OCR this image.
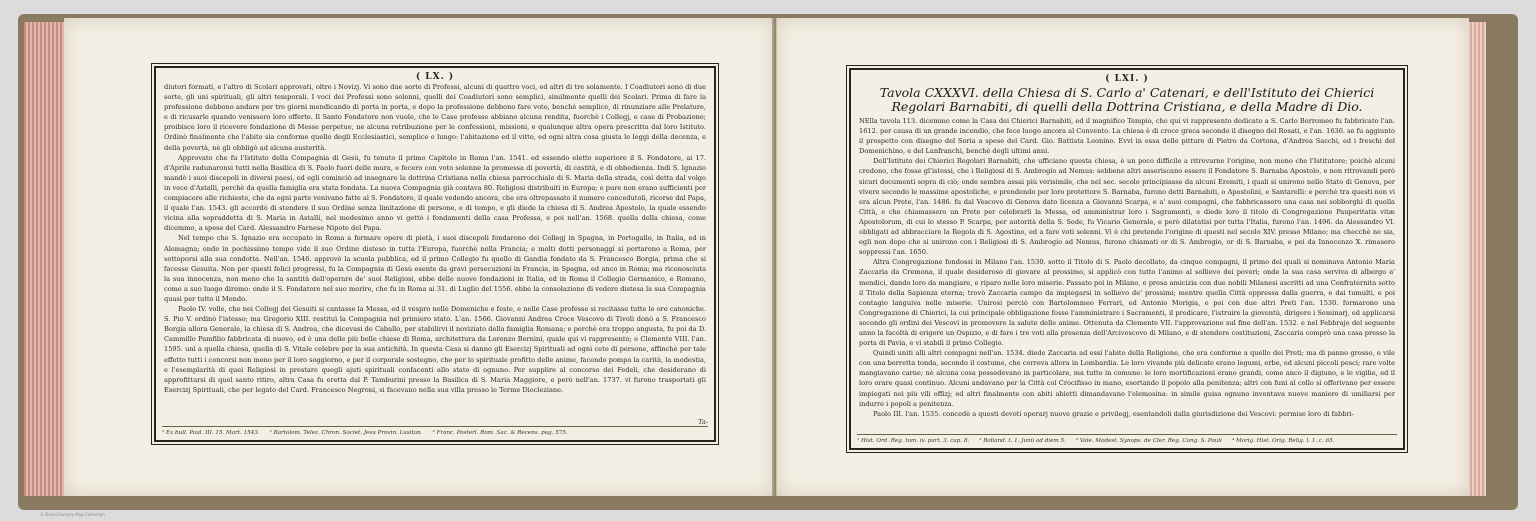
( LX. )

diutori formati, e l'altro di Scolari approvati, oltre i Novizj. Vi sono due sorte di Professi, alcuni di quattro voci, ed altri di tre solamente. I Coadiutori sono di due sorte, gli uni spirituali, gli altri temporali. I voci dei Professi sono solenni, quelli dei Coadiutori sono semplici, similmente quelli dei Scolari. Prima di fare la professione debbono andare per tre giorni mendicando di porta in porta, e dopo la professione debbono fare voto, benchè semplice, di rinunziare alle Prelature, e di ricusarle quando venissero loro offerte. Il Santo Fondatore non vuole, che le Case professe abbiano alcuna rendita, fuorchè i Collegj, e case di Probazione; proibisce loro il ricevere fondazione di Messe perpetue, ne alcuna retribuzione per le confessioni, missioni, e qualunque altra opera prescritta dal loro Istituto. Ordinò finalmente che l'abito sia conforme quello degli Ecclesiastici, semplice e lungo: l'abitazione ed il vitto, ed ogni altra cosa giusta le leggi della decenza, e della povertà, nè gli obbligò ad alcuna austerità.

Approvato che fu l'Istituto della Compagnia di Gesù, fu tenuto il primo Capitolo in Roma l'an. 1541. ed essendo eletto superiore il S. Fondatore, ai 17. d'Aprile radunaronsi tutti nella Basilica di S. Paolo fuori delle mura, e fecero con voto solenne la promessa di povertà, di castità, e di obbedienza. Indi S. Ignazio mandò i suoi discepoli in diversi paesi, ed egli cominciò ad insegnare la dottrina Cristiana nella chiesa parrocchiale di S. Maria della strada, così detta dal volgo in vece d'Astalli, perchè da quella famiglia era stata fondata. La nuova Compagnia già contava 80. Religiosi distribuiti in Europa; e pure non erano sufficienti per compiacere alle richieste, che da ogni parte venivano fatte al S. Fondatore, il quale vedendo ancora, che era oltrepassato il numero concedutoli, ricorse dal Papa, il quale l'an. 1543. gli accordò di stendere il suo Ordine senza limitazione di persone, e di tempo, e gli diede la chiesa di S. Andrea Apostolo, la quale essendo vicina alla sopraddetta di S. Maria in Astalli, nel medesimo anno vi gettò i fondamenti della casa Professa, e poi nell'an. 1568. quella della chiesa, come dicemmo, a spese del Card. Alessandro Farnese Nipote del Papa.

Nel tempo che S. Ignazio era occupato in Roma a formare opere di pietà, i suoi discepoli fondarono dei Collegj in Spagna, in Portogallo, in Italia, ed in Alemagna; onde in pochissimo tempo vide il suo Ordine disteso in tutta l'Europa, fuorchè nella Francia; e molti dotti personaggi si portarono a Roma, per sottoporsi alla sua condotta. Nell'an. 1546. approvò la scuola pubblica, ed il primo Collegio fu quello di Gandia fondato da S. Francesco Borgia, prima che si facesse Gesuita. Non per questi felici progressi, fu la Compagnia di Gesù esente da gravi persecuzioni in Francia, in Spagna, ed anco in Roma; ma riconosciuta la sua innocenza, non meno che la santità dell'operare de' suoi Religiosi, ebbe delle nuove fondazioni in Italia, ed in Roma il Collegio Germanico, e Romano, come a suo luogo diremo: onde il S. Fondatore nel suo morire, che fu in Roma ai 31. di Luglio del 1556. ebbe la consolazione di vedere distesa la sua Compagnia quasi per tutto il Mondo.

Paolo IV. volle, che nei Collegj dei Gesuiti si cantasse la Messa, ed il vespro nelle Domeniche e feste, e nelle Case professe si recitasse tutte le ore canoniche. S. Pio V. ordinò l'istesso; ma Gregorio XIII. restituì la Compagnia nel primiero stato. L'an. 1566. Giovanni Andrea Croce Vescovo di Tivoli donò a S. Francesco Borgia allora Generale, la chiesa di S. Andrea, che dicevasi de Caballo, per stabilirvi il noviziato della famiglia Romana; e perchè era troppo angusta, fu poi da D. Cammillo Pamfilio fabbricata di nuovo, ed è una delle più belle chiese di Roma, architettura da Lorenzo Bernini, quale qui vi rappresento; e Clemente VIII. l'an. 1595. unì a quella chiesa, quella di S. Vitale celebre per la sua antichità. In questa Casa si danno gli Esercizj Spirituali ad ogni ceto di persone, affinchè per tale effetto tutti i concorsi non meno per il loro soggiorno, e per il corporale sostegno, che per lo spirituale profitto delle anime, facendo pompa la carità, la modestia, e l'esemplarità di quei Religiosi in prestare quegli ajuti spirituali confacenti allo stato di ognuno. Per supplire al concorso dei Fedeli, che desiderano di approfittarsi di quel santo ritiro, altra Casa fu eretta dal P. Tamburini presso la Basilica di S. Maria Maggiore, e però nell'an. 1737. vi furono trasportati gli Esercizj Spirituali, che per legato del Card. Francesco Negroni, si facevano nella sua villa presso le Terme Diocleziane.

Ta-
¹ Ex bull. Paul. III. 15. Mart. 1543. ² Bartolom. Telez. Chron. Societ. Jesu Provin. Lusitan. ³ Franc. Posterl. Rom. Sac. & Recens. pag. 575.
( LXI. )
Tavola CXXXVI. della Chiesa di S. Carlo a' Catenari, e dell'Istituto dei Chierici Regolari Barnabiti, di quelli della Dottrina Cristiana, e della Madre di Dio.

NElla tavola 113. dicemmo come la Casa dei Chierici Barnabiti, ed il magnifico Tempio, che qui vi rappresento dedicato a S. Carlo Borromeo fu fabbricato l'an. 1612. per causa di un grande incendio, che fece luogo ancora al Convento. La chiesa è di croce greca secondo il disegno del Rosati, e l'an. 1636. se fu aggiunto il prospetto con disegno del Soria a spese del Card. Gio. Battista Leonino. Evvi in essa delle pitture di Pietro da Cortona, d'Andrea Sacchi, ed i freschi del Domenichino, e del Lanfranchi, benchè degli ultimi anni.

Dell'Istituto dei Chierici Regolari Barnabiti, che ufficiano questa chiesa, è un poco difficile a ritrovarne l'origine, non meno che l'Istitutore; poichè alcuni credono, che fosse gl'istessi, che i Religiosi di S. Ambrogio ad Nemus: sebbene altri asseriscano essere il Fondatore S. Barnaba Apostolo, e non ritrovandi però sicuri documenti sopra di ciò; onde sembra assai più verisimile, che nel sec. secolo principiasse da alcuni Eremiti, i quali si unirono nello Stato di Genova, per vivere secondo le massime apostoliche, e prendendo per loro protettore S. Barnaba, furono detti Barnabiti, o Apostolini, e Santarelli: e perchè tra questi non vi era alcun Prete, l'an. 1486. fu dal Vescovo di Genova dato licenza a Giovanni Scarpa, e a' suoi compagni, che fabbricassero una casa nei sobborghi di quella Città, e che chiamassero un Prete per celebrarli la Messa, ed amministrar loro i Sagramenti, e diede loro il titolo di Congregazione Pauperitatis vitæ Apostolorum, di cui lo stesso P. Scarpa, per autorità della S. Sede, fu Vicario Generale, e però dilatatisi per tutta l'Italia, furono l'an. 1496. da Alessandro VI. obbligati ad abbracciare la Regola di S. Agostino, ed a fare voti solenni. Vi è chi pretende l'origine di questi nel secolo XIV. presso Milano; ma checchè ne sia, egli non dopo che si unirono con i Religiosi di S. Ambrogio ad Nemus, furono chiamati or di S. Ambrogio, or di S. Barnaba, e poi da Innocenzo X. rimasero soppressi l'an. 1650.

Altra Congregazione fondossi in Milano l'an. 1530. sotto il Titolo di S. Paolo decollato, da cinque compagni, il primo dei quali si nominava Antonio Maria Zaccaria da Cremona, il quale desideroso di giovare al prossimo, si applicò con tutto l'animo al sollievo dei poveri; onde la sua casa serviva di albergo a' mendici, dando loro da mangiare, e riparo nelle loro miserie. Passato poi in Milano, e presa amicizia con due nobili Milanesi ascritti ad una Confraternita sotto il Titolo della Sapienza eterna; trovò Zaccaria campo da impiegarsi in sollievo de' prossimi; mentre quella Città oppressa dalla guerra, e dai tumulti, e poi contagio languiva nelle miserie. Unirosi perciò con Bartolommeo Ferrari, ed Antonio Morigia, e poi con due altri Preti l'an. 1530. formarono una Congregazione di Chierici, la cui principale obbligazione fosse l'amministrare i Sacramenti, il predicare, l'istruire la gioventù, dirigere i Seminarj, ed applicarsi secondo gli ordini dei Vescovi in promovere la salute delle anime. Ottenuta da Clemente VII. l'approvazione sul fine dell'an. 1532. e nel Febbrajo del seguente anno la facoltà di erigere un Ospizio, e di fare i tre voti alla presenza dell'Arcivescovo di Milano, e di stendere costituzioni, Zaccaria comprò una casa presso la porta di Pavia, e vi stabilì il primo Collegio.

Quindi uniti alli altri compagni nell'an. 1534. diede Zaccaria ad essi l'abito della Religione, che era conforme a quello dei Preti; ma di panno grosso, e vile con una berretta tonda, secondo il costume, che correva allora in Lombardia. Le loro vivande più delicate erano legumi, erbe, ed alcuni piccoli pesci; rare volte mangiavano carne; nè alcuna cosa possedevano in particolare, ma tutto in comune: le loro mortificazioni erano grandi, come anco il digiuno, e le vigilie, ed il loro orare quasi continuo. Alcuni andavano per la Città col Crocifisso in mano, esortando il popolo alla penitenza; altri con funi al collo si offerivano per essere impiegati nei più vili offizj; ed altri finalmente con abiti abietti dimandavano l'elemosina: in simile guisa ognuno inventava nuove maniere di umiliarsi per indurre i popoli a penitenza.

Paolo III. l'an. 1535. concedè a questi devoti operarj nuove grazie e privilegj, esentandoli dalla giurisdizione dei Vescovi: permise loro di fabbri-

¹ Hist. Ord. Reg. tom. iv. part. 3. cap. 8. ² Bolland. t. 1. Junii ad diem 5. ³ Vale. Modest. Synops. de Cler. Reg. Cong. S. Pauli ⁴ Morig. Hist. Orig. Relig. l. 1. c. 65.
© David Rumsey Map Collection
